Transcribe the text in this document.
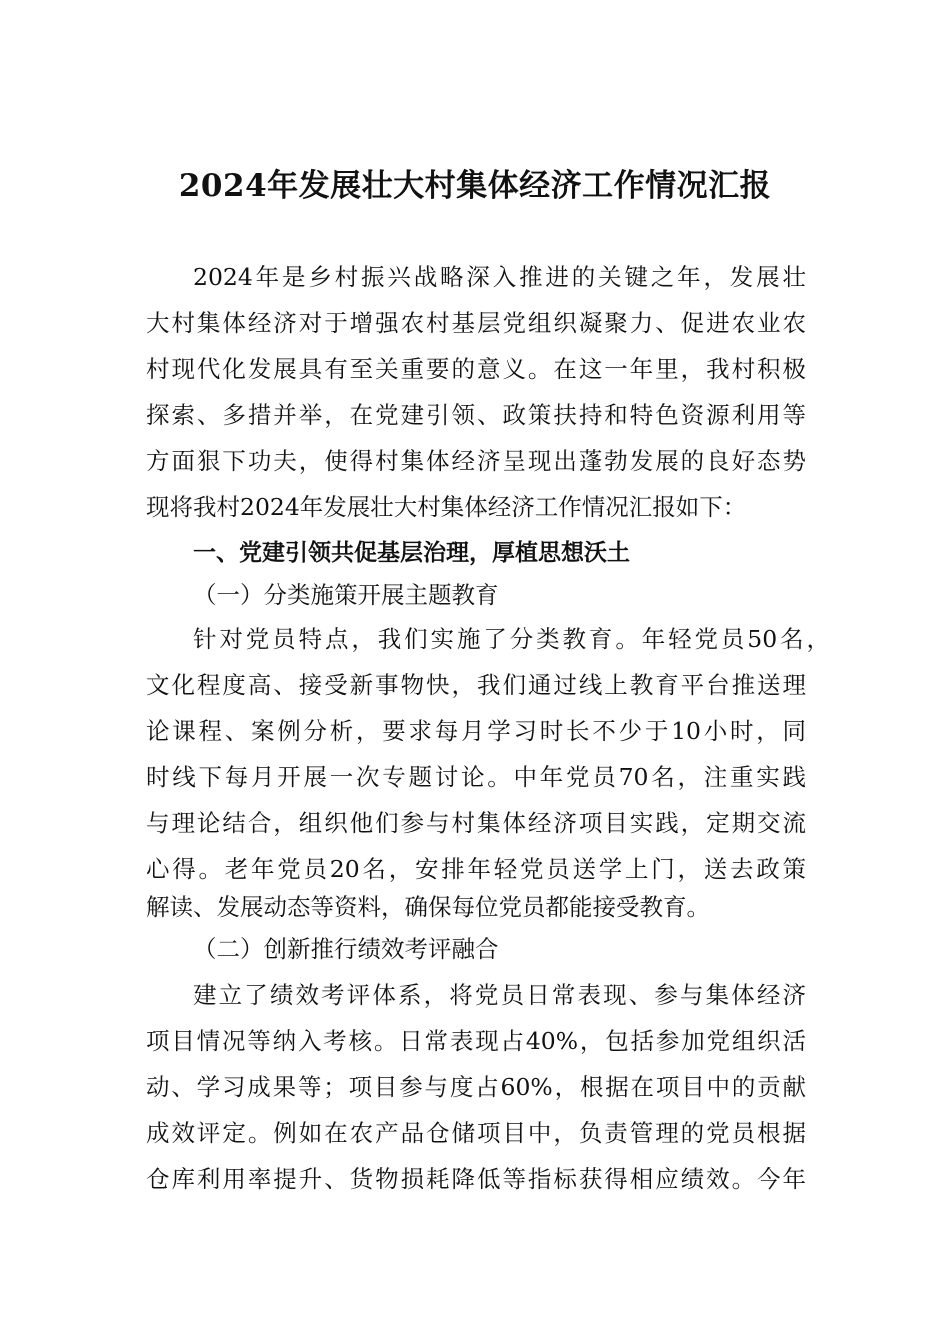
2024年发展壮大村集体经济工作情况汇报

2024年是乡村振兴战略深入推进的关键之年，发展壮

大村集体经济对于增强农村基层党组织凝聚力、促进农业农

村现代化发展具有至关重要的意义。在这一年里，我村积极

探索、多措并举，在党建引领、政策扶持和特色资源利用等

方面狠下功夫，使得村集体经济呈现出蓬勃发展的良好态势

现将我村2024年发展壮大村集体经济工作情况汇报如下：

一、党建引领共促基层治理，厚植思想沃土

（一）分类施策开展主题教育

针对党员特点，我们实施了分类教育。年轻党员50名，

文化程度高、接受新事物快，我们通过线上教育平台推送理

论课程、案例分析，要求每月学习时长不少于10小时，同

时线下每月开展一次专题讨论。中年党员70名，注重实践

与理论结合，组织他们参与村集体经济项目实践，定期交流

心得。老年党员20名，安排年轻党员送学上门，送去政策

解读、发展动态等资料，确保每位党员都能接受教育。

（二）创新推行绩效考评融合

建立了绩效考评体系，将党员日常表现、参与集体经济

项目情况等纳入考核。日常表现占40%，包括参加党组织活

动、学习成果等；项目参与度占60%，根据在项目中的贡献

成效评定。例如在农产品仓储项目中，负责管理的党员根据

仓库利用率提升、货物损耗降低等指标获得相应绩效。今年
